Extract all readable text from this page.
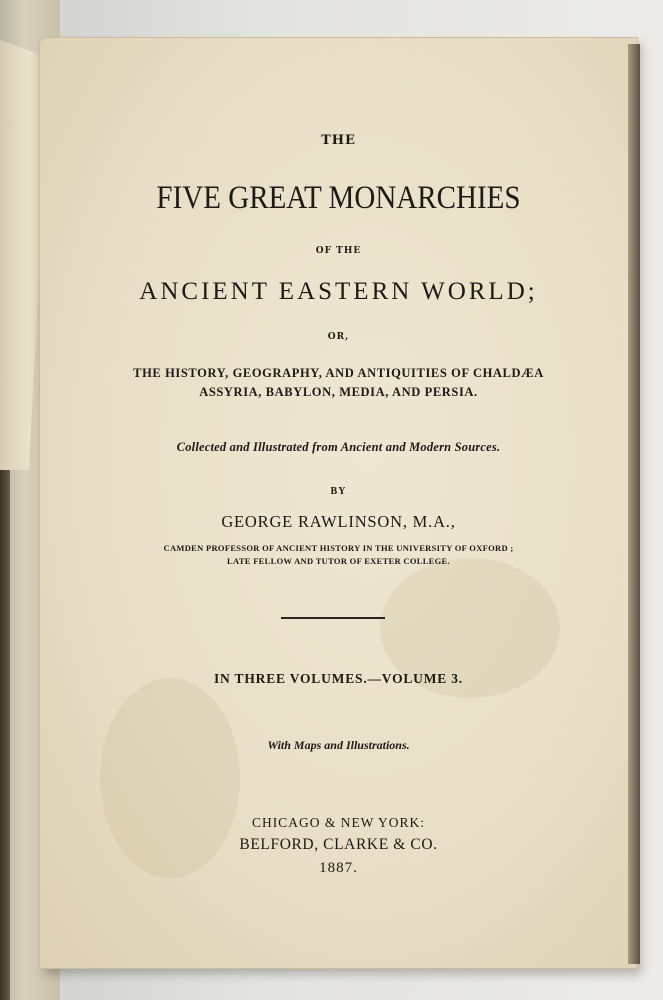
THE
FIVE GREAT MONARCHIES
OF THE
ANCIENT EASTERN WORLD;
OR,
THE HISTORY, GEOGRAPHY, AND ANTIQUITIES OF CHALDÆA
ASSYRIA, BABYLON, MEDIA, AND PERSIA.
Collected and Illustrated from Ancient and Modern Sources.
BY
GEORGE RAWLINSON, M.A.,
CAMDEN PROFESSOR OF ANCIENT HISTORY IN THE UNIVERSITY OF OXFORD ;
LATE FELLOW AND TUTOR OF EXETER COLLEGE.
IN THREE VOLUMES.—VOLUME 3.
With Maps and Illustrations.
CHICAGO & NEW YORK:
BELFORD, CLARKE & CO.
1887.
